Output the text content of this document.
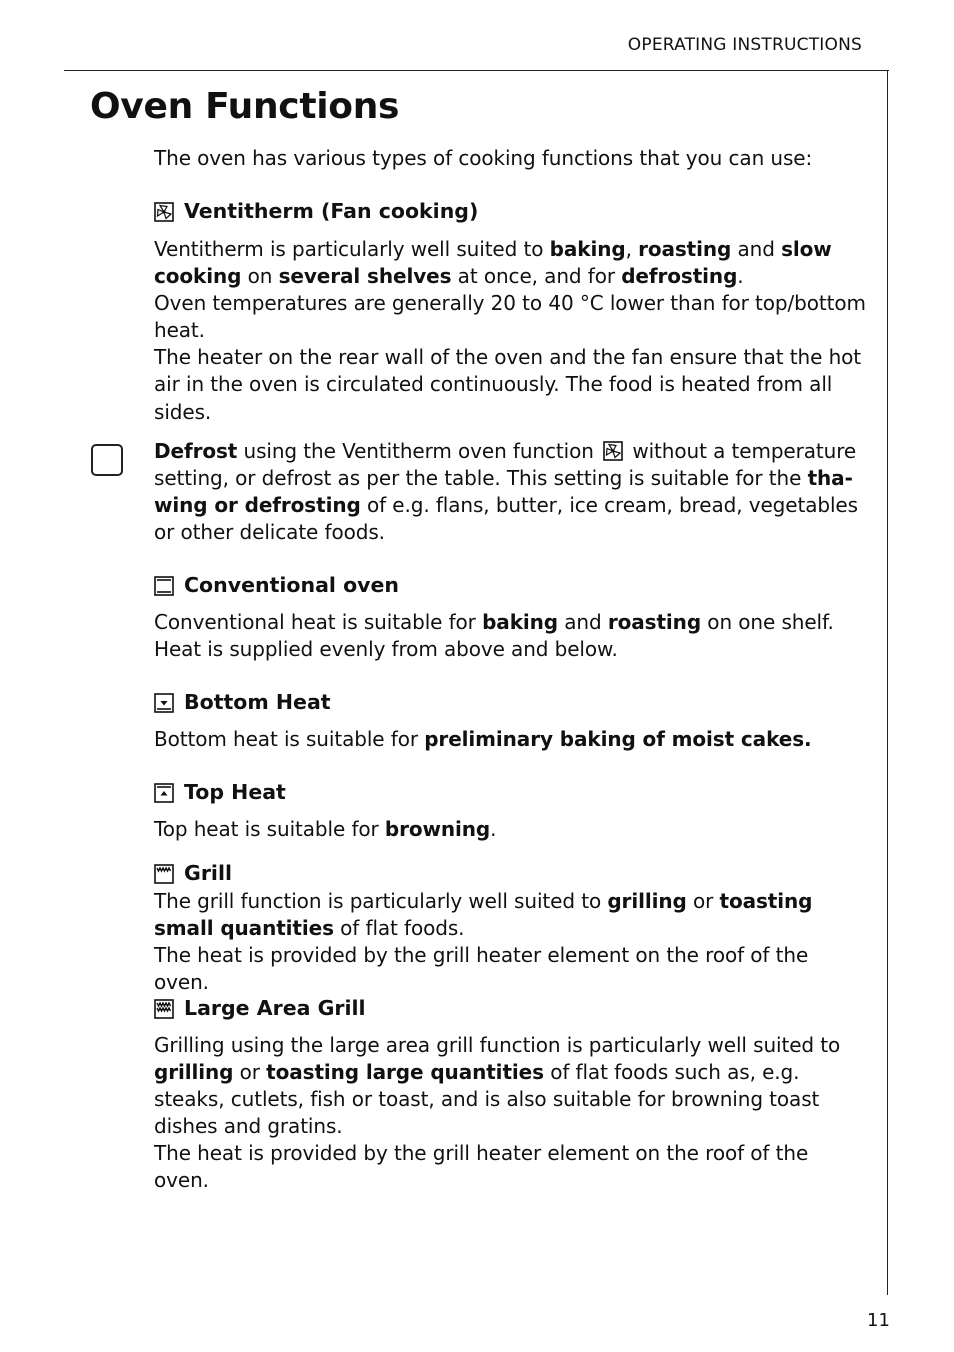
OPERATING INSTRUCTIONS
Oven Functions

The oven has various types of cooking functions that you can use:

Ventitherm (Fan cooking)

Ventitherm is particularly well suited to baking, roasting and slow cooking on several shelves at once, and for defrosting.

Oven temperatures are generally 20 to 40 °C lower than for top/bottom heat.

The heater on the rear wall of the oven and the fan ensure that the hot air in the oven is circulated continuously. The food is heated from all sides.

Defrost using the Ventitherm oven function  without a temperature setting, or defrost as per the table. This setting is suitable for the tha-wing or defrosting of e.g. flans, butter, ice cream, bread, vegetables or other delicate foods.

Conventional oven

Conventional heat is suitable for baking and roasting on one shelf.

Heat is supplied evenly from above and below.

Bottom Heat

Bottom heat is suitable for preliminary baking of moist cakes.

Top Heat

Top heat is suitable for browning.

Grill

The grill function is particularly well suited to grilling or toasting small quantities of flat foods.

The heat is provided by the grill heater element on the roof of the oven.

Large Area Grill

Grilling using the large area grill function is particularly well suited to grilling or toasting large quantities of flat foods such as, e.g. steaks, cutlets, fish or toast, and is also suitable for browning toast dishes and gratins.

The heat is provided by the grill heater element on the roof of the oven.

11
